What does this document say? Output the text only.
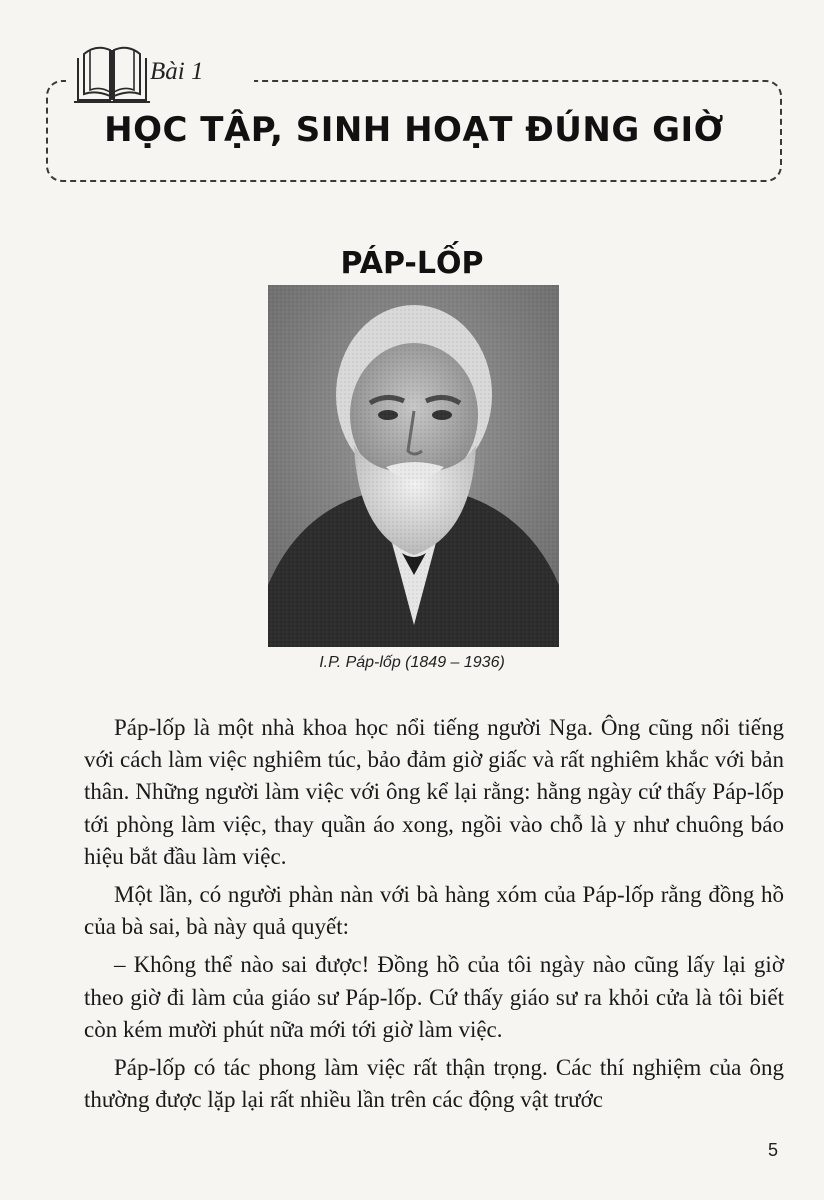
Bài 1
HỌC TẬP, SINH HOẠT ĐÚNG GIỜ
PÁP-LỐP
I.P. Páp-lốp (1849 – 1936)

Páp-lốp là một nhà khoa học nổi tiếng người Nga. Ông cũng nổi tiếng với cách làm việc nghiêm túc, bảo đảm giờ giấc và rất nghiêm khắc với bản thân. Những người làm việc với ông kể lại rằng: hằng ngày cứ thấy Páp-lốp tới phòng làm việc, thay quần áo xong, ngồi vào chỗ là y như chuông báo hiệu bắt đầu làm việc.

Một lần, có người phàn nàn với bà hàng xóm của Páp-lốp rằng đồng hồ của bà sai, bà này quả quyết:

– Không thể nào sai được! Đồng hồ của tôi ngày nào cũng lấy lại giờ theo giờ đi làm của giáo sư Páp-lốp. Cứ thấy giáo sư ra khỏi cửa là tôi biết còn kém mười phút nữa mới tới giờ làm việc.

Páp-lốp có tác phong làm việc rất thận trọng. Các thí nghiệm của ông thường được lặp lại rất nhiều lần trên các động vật trước

5
